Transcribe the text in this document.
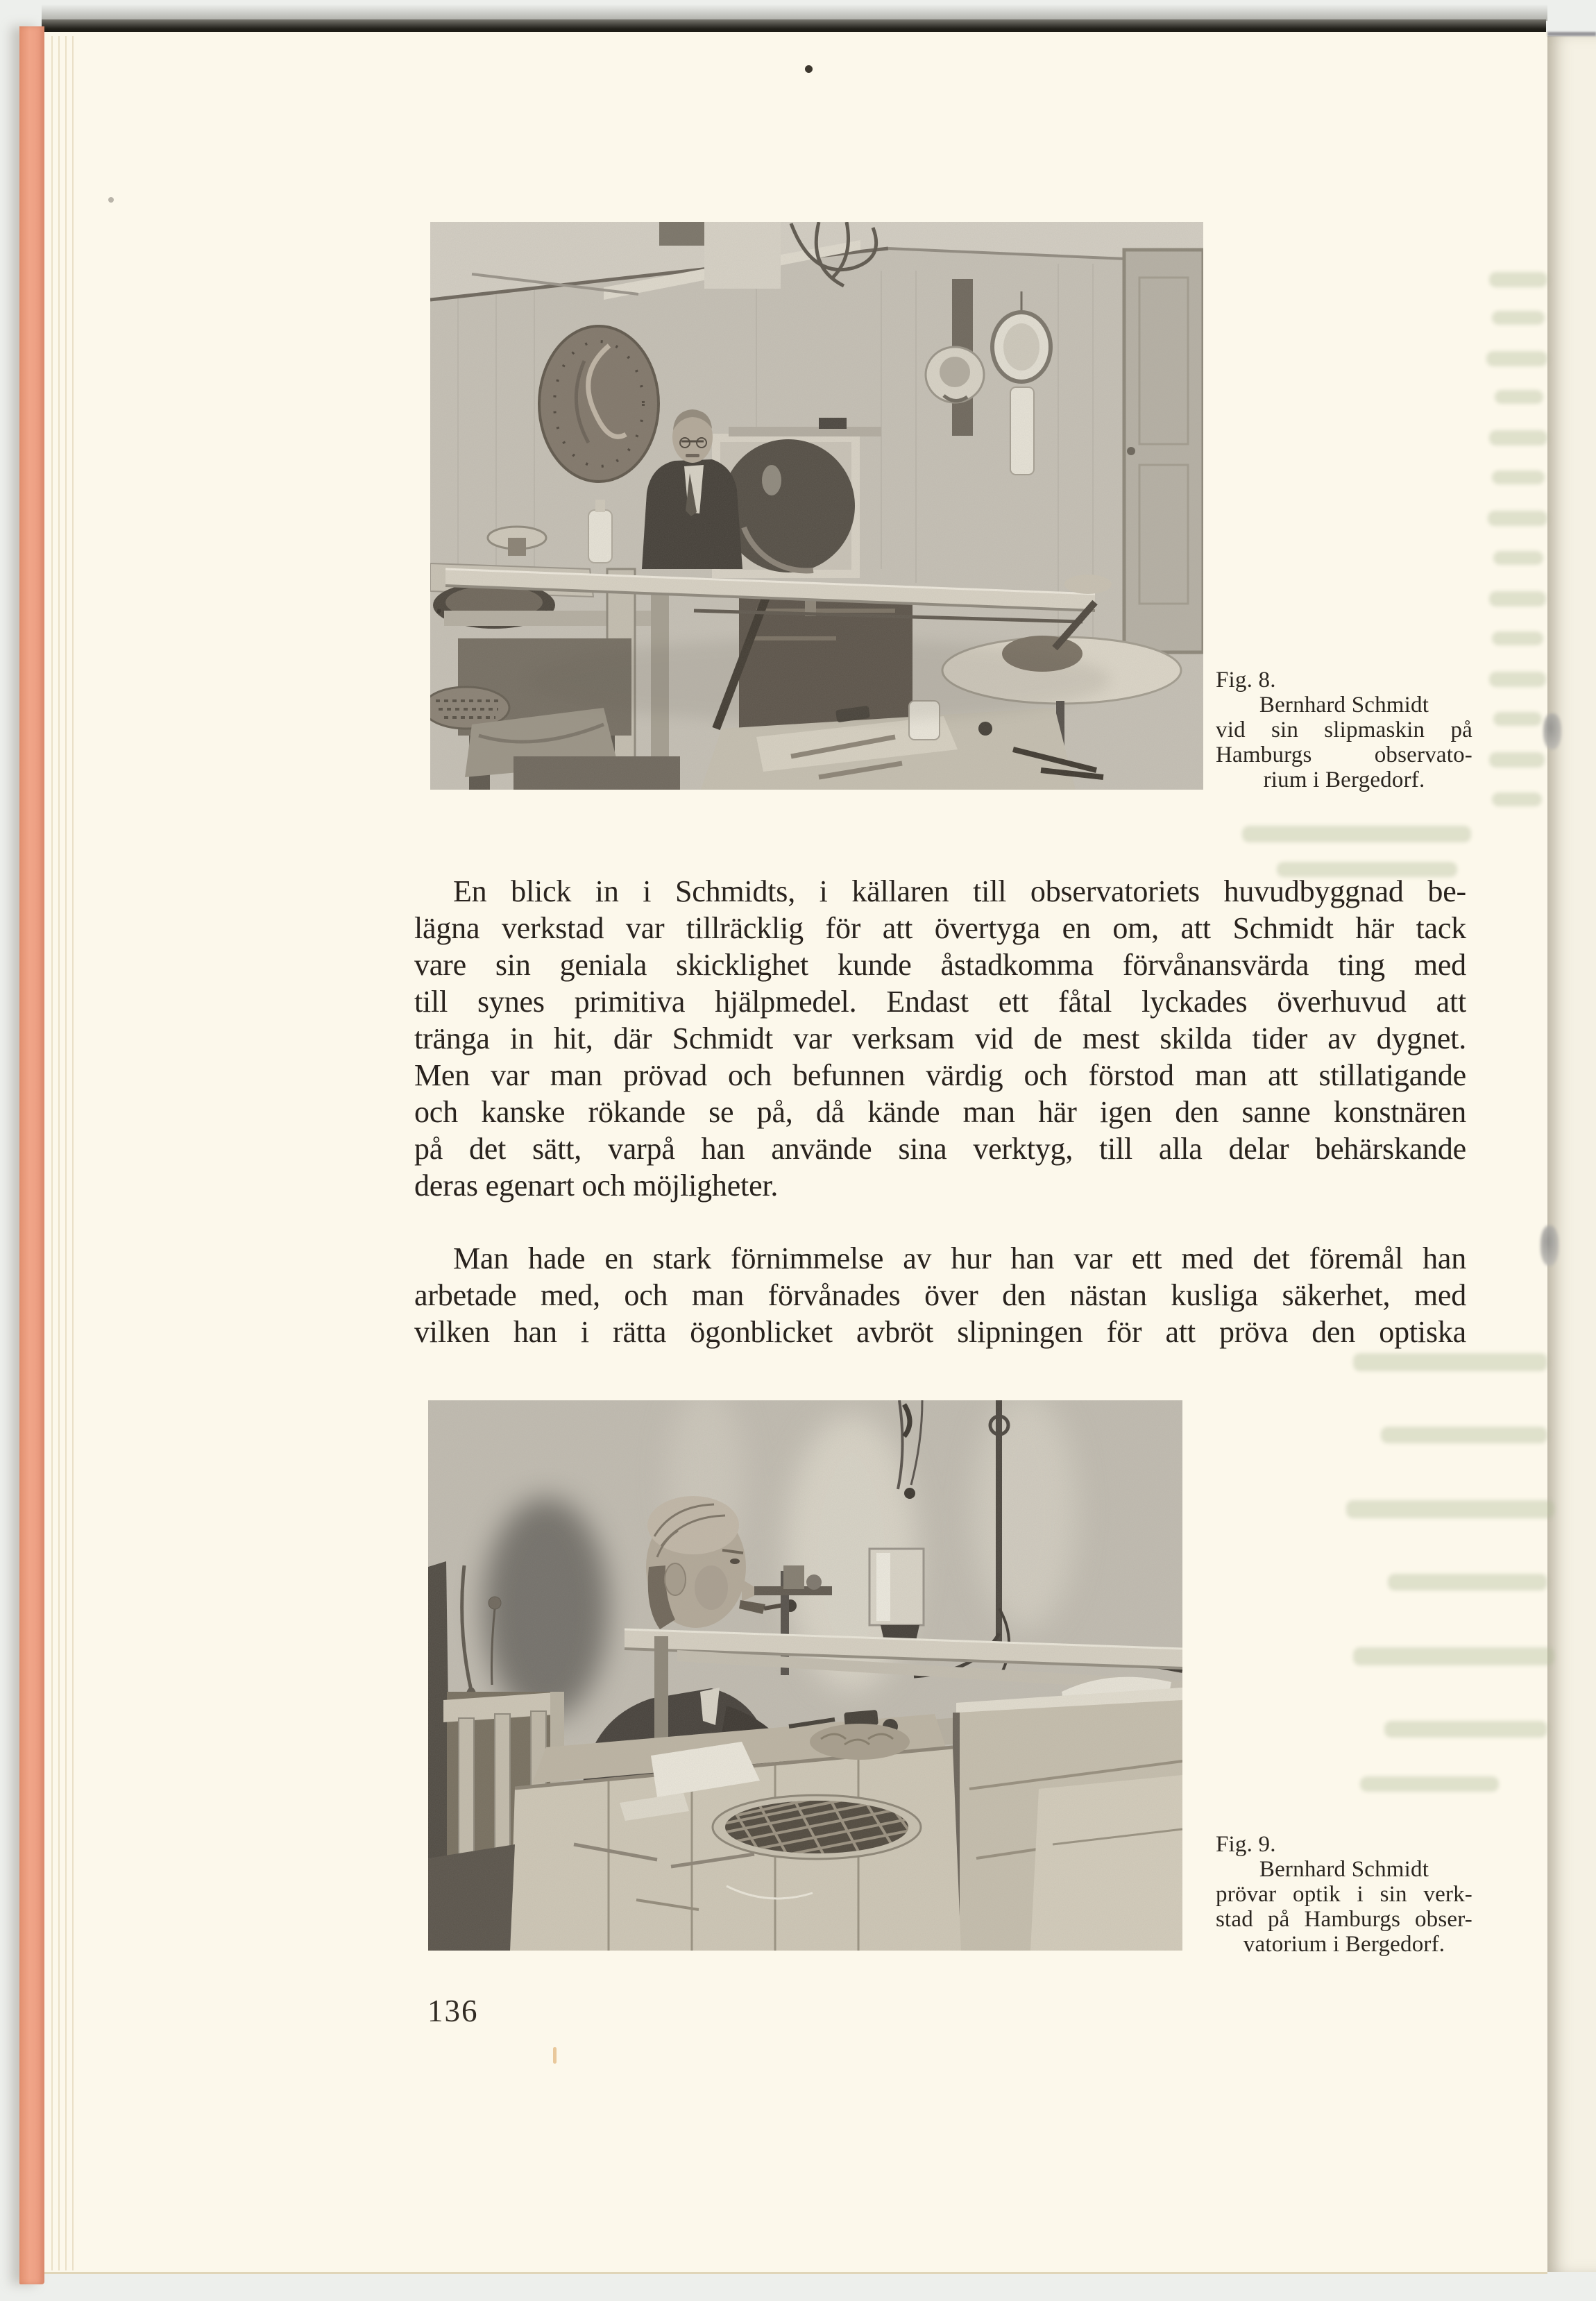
Fig. 8.
Bernhard Schmidt
vid sin slipmaskin på
Hamburgs observato-
rium i Bergedorf.
Fig. 9.
Bernhard Schmidt
prövar optik i sin verk-
stad på Hamburgs obser-
vatorium i Bergedorf.
En blick in i Schmidts, i källaren till observatoriets huvudbyggnad be-
lägna verkstad var tillräcklig för att övertyga en om, att Schmidt här tack
vare sin geniala skicklighet kunde åstadkomma förvånansvärda ting med
till synes primitiva hjälpmedel. Endast ett fåtal lyckades överhuvud att
tränga in hit, där Schmidt var verksam vid de mest skilda tider av dygnet.
Men var man prövad och befunnen värdig och förstod man att stillatigande
och kanske rökande se på, då kände man här igen den sanne konstnären
på det sätt, varpå han använde sina verktyg, till alla delar behärskande
deras egenart och möjligheter.
Man hade en stark förnimmelse av hur han var ett med det föremål han
arbetade med, och man förvånades över den nästan kusliga säkerhet, med
vilken han i rätta ögonblicket avbröt slipningen för att pröva den optiska
136
